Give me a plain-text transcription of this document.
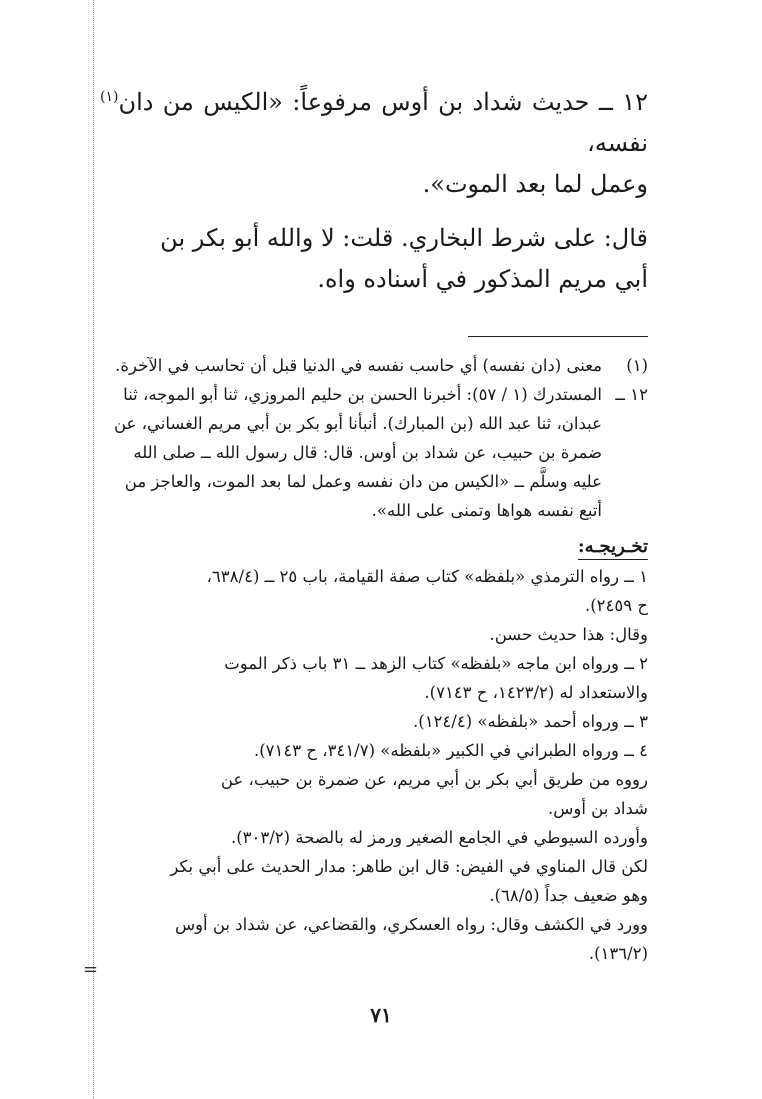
=

١٢ ــ حديث شداد بن أوس مرفوعاً: «الكيس من دان$^{(١)}$ نفسه،
وعمل لما بعد الموت».

قال: على شرط البخاري. قلت: لا والله أبو بكر بن
أبي مريم المذكور في أسناده واه.

(١)
معنى (دان نفسه) أي حاسب نفسه في الدنيا قبل أن تحاسب في الآخرة.
١٢ ــ
المستدرك (١ / ٥٧): أخبرنا الحسن بن حليم المروزي، ثنا أبو الموجه، ثنا
عبدان، ثنا عبد الله (بن المبارك). أنبأنا أبو بكر بن أبي مريم الغساني، عن
ضمرة بن حبيب، عن شداد بن أوس. قال: قال رسول الله ــ صلى الله
عليه وسلَّم ــ «الكيس من دان نفسه وعمل لما بعد الموت، والعاجز من
أتبع نفسه هواها وتمنى على الله».
تخـريجـه:
١ ــ رواه الترمذي «بلفظه» كتاب صفة القيامة، باب ٢٥ ــ (٦٣٨/٤،
ح ٢٤٥٩).
وقال: هذا حديث حسن.
٢ ــ ورواه ابن ماجه «بلفظه» كتاب الزهد ــ ٣١ باب ذكر الموت
والاستعداد له (١٤٢٣/٢، ح ٧١٤٣).
٣ ــ ورواه أحمد «بلفظه» (١٢٤/٤).
٤ ــ ورواه الطبراني في الكبير «بلفظه» (٣٤١/٧، ح ٧١٤٣).
رووه من طريق أبي بكر بن أبي مريم، عن ضمرة بن حبيب، عن
شداد بن أوس.
وأورده السيوطي في الجامع الصغير ورمز له بالصحة (٣٠٣/٢).
لكن قال المناوي في الفيض: قال ابن طاهر: مدار الحديث على أبي بكر
وهو ضعيف جداً (٦٨/٥).
وورد في الكشف وقال: رواه العسكري، والقضاعي، عن شداد بن أوس
(١٣٦/٢).
٧١
